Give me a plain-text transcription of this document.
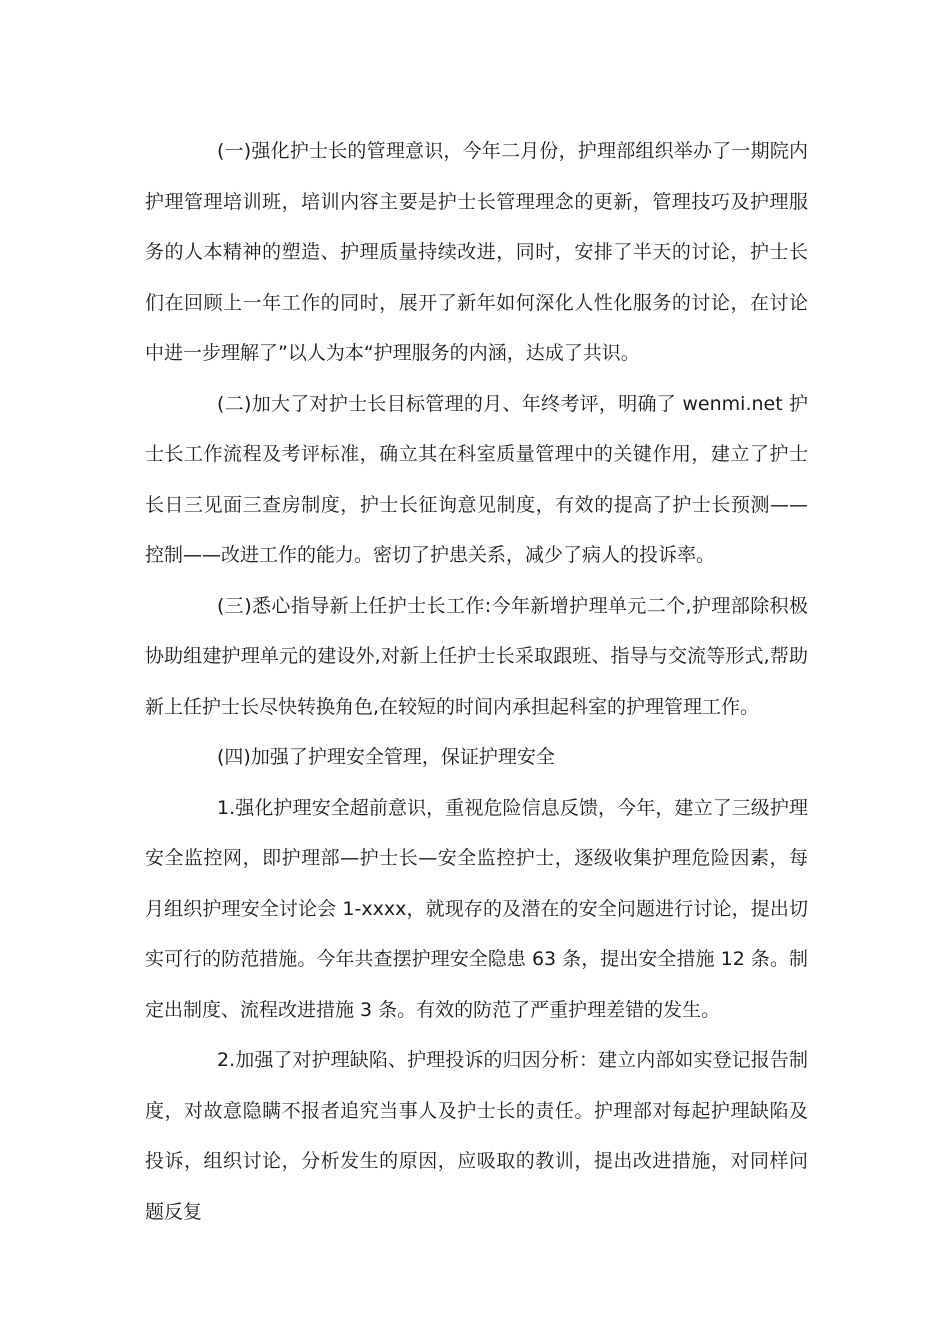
(一)强化护士长的管理意识，今年二月份，护理部组织举办了一期院内护理管理培训班，培训内容主要是护士长管理理念的更新，管理技巧及护理服务的人本精神的塑造、护理质量持续改进，同时，安排了半天的讨论，护士长们在回顾上一年工作的同时，展开了新年如何深化人性化服务的讨论，在讨论中进一步理解了”以人为本“护理服务的内涵，达成了共识。

(二)加大了对护士长目标管理的月、年终考评，明确了 wenmi.net 护士长工作流程及考评标准，确立其在科室质量管理中的关键作用，建立了护士长日三见面三查房制度，护士长征询意见制度，有效的提高了护士长预测——控制——改进工作的能力。密切了护患关系，减少了病人的投诉率。

(三)悉心指导新上任护士长工作:今年新增护理单元二个,护理部除积极协助组建护理单元的建设外,对新上任护士长采取跟班、指导与交流等形式,帮助新上任护士长尽快转换角色,在较短的时间内承担起科室的护理管理工作。

(四)加强了护理安全管理，保证护理安全

1.强化护理安全超前意识，重视危险信息反馈，今年，建立了三级护理安全监控网，即护理部—护士长—安全监控护士，逐级收集护理危险因素，每月组织护理安全讨论会 1-xxxx，就现存的及潜在的安全问题进行讨论，提出切实可行的防范措施。今年共查摆护理安全隐患 63 条，提出安全措施 12 条。制定出制度、流程改进措施 3 条。有效的防范了严重护理差错的发生。

2.加强了对护理缺陷、护理投诉的归因分析：建立内部如实登记报告制度，对故意隐瞒不报者追究当事人及护士长的责任。护理部对每起护理缺陷及投诉，组织讨论，分析发生的原因，应吸取的教训，提出改进措施，对同样问题反复
